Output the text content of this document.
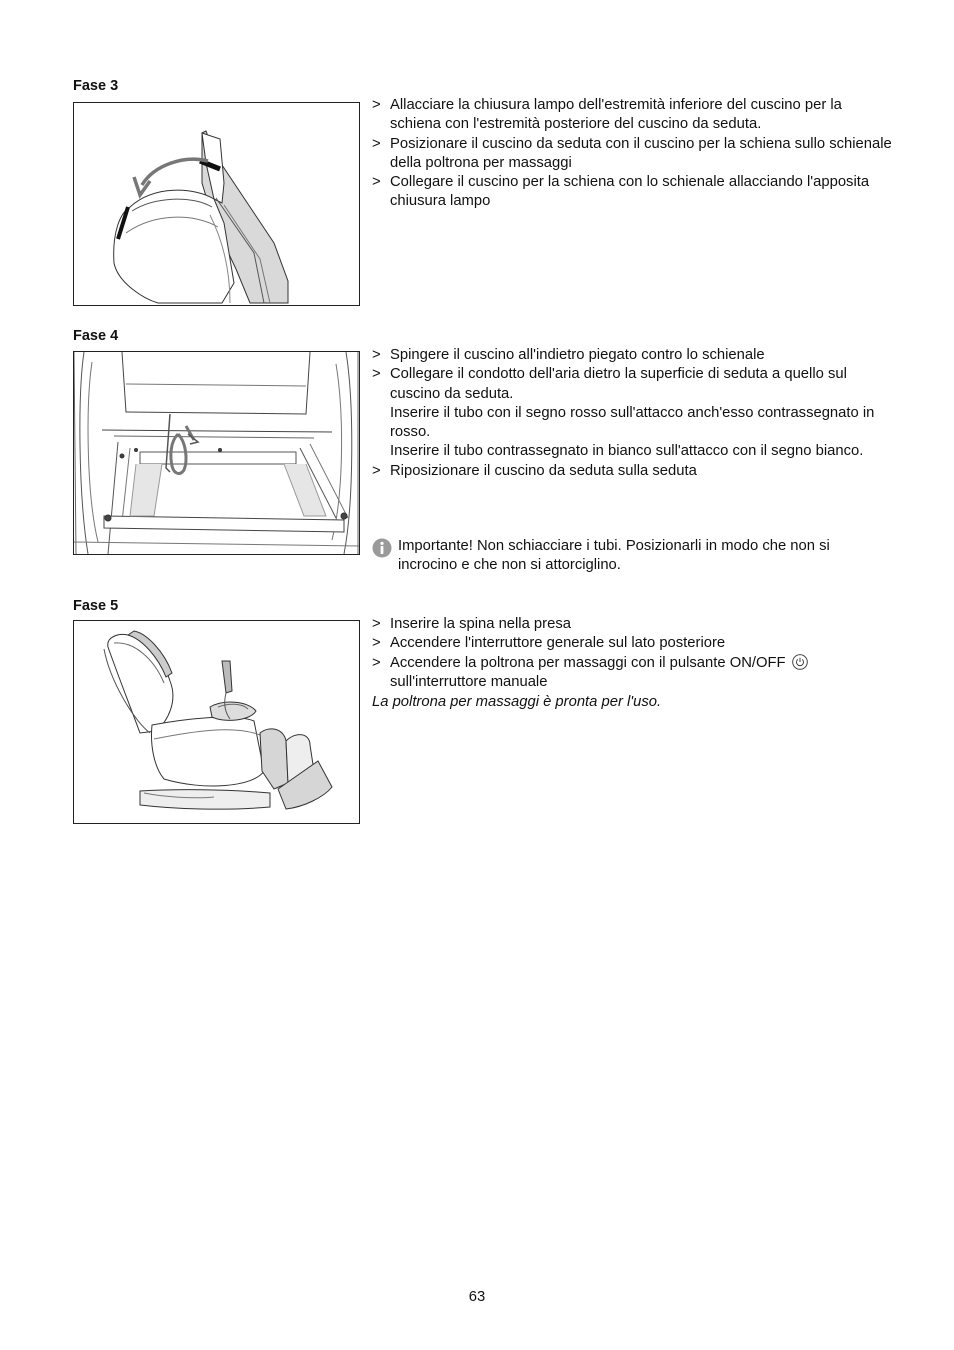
Fase 3
> Allacciare la chiusura lampo dell'estremità inferiore del cuscino per la schiena con l'estremità posteriore del cuscino da seduta.
> Posizionare il cuscino da seduta con il cuscino per la schiena sullo schienale della poltrona per massaggi
> Collegare il cuscino per la schiena con lo schienale allacciando l'apposita chiusura lampo
Fase 4
> Spingere il cuscino all'indietro piegato contro lo schienale
> Collegare il condotto dell'aria dietro la superficie di seduta a quello sul cuscino da seduta.
Inserire il tubo con il segno rosso sull'attacco anch'esso contrassegnato in rosso.
Inserire il tubo contrassegnato in bianco sull'attacco con il segno bianco.
> Riposizionare il cuscino da seduta sulla seduta
Importante! Non schiacciare i tubi. Posizionarli in modo che non si incrocino e che non si attorciglino.
Fase 5
> Inserire la spina nella presa
> Accendere l'interruttore generale sul lato posteriore
> Accendere la poltrona per massaggi con il pulsante ON/OFF
sull'interruttore manuale
La poltrona per massaggi è pronta per l'uso.
63
